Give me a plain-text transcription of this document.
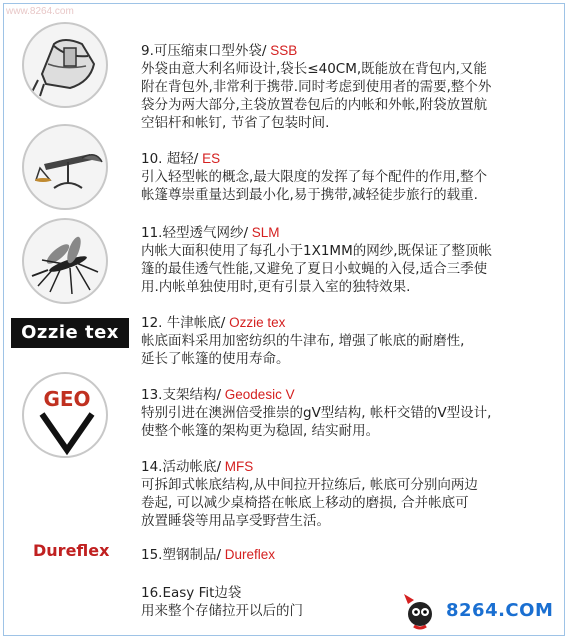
www.8264.com
Ozzie tex
GEO
Dureflex
9.可压缩束口型外袋/ SSB
外袋由意大利名师设计,袋长≤40CM,既能放在背包内,又能
附在背包外,非常利于携带.同时考虑到使用者的需要,整个外
袋分为两大部分,主袋放置卷包后的内帐和外帐,附袋放置航
空铝杆和帐钉, 节省了包装时间.
10. 超轻/ ES
引入轻型帐的概念,最大限度的发挥了每个配件的作用,整个
帐篷尊崇重量达到最小化,易于携带,减轻徒步旅行的载重.
11.轻型透气网纱/ SLM
内帐大面积使用了每孔小于1X1MM的网纱,既保证了整顶帐
篷的最佳透气性能,又避免了夏日小蚊蝇的入侵,适合三季使
用.内帐单独使用时,更有引景入室的独特效果.
12. 牛津帐底/ Ozzie tex
帐底面料采用加密纺织的牛津布, 增强了帐底的耐磨性,
延长了帐篷的使用寿命。
13.支架结构/ Geodesic V
特别引进在澳洲倍受推崇的gV型结构, 帐杆交错的V型设计,
使整个帐篷的架构更为稳固, 结实耐用。
14.活动帐底/ MFS
可拆卸式帐底结构,从中间拉开拉练后, 帐底可分别向两边
卷起, 可以减少桌椅搭在帐底上移动的磨损, 合并帐底可
放置睡袋等用品享受野营生活。
15.塑钢制品/ Dureflex
16.Easy Fit边袋
用来整个存储拉开以后的门	8264.COM
